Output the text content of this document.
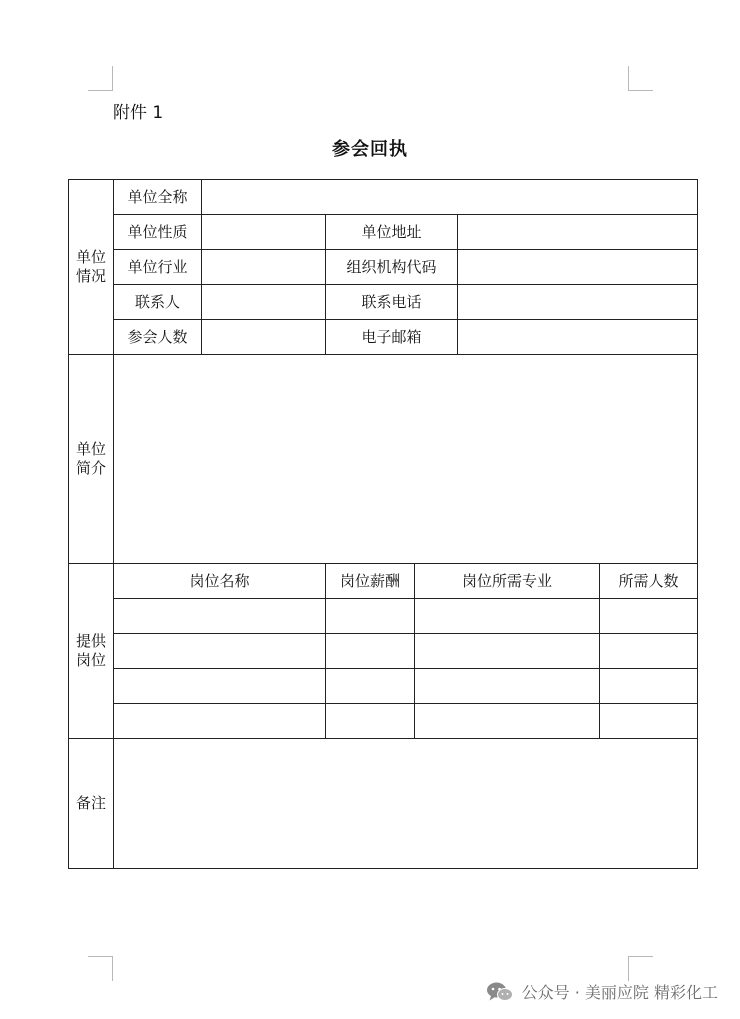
附件 1
参会回执
单位
情况	单位全称					
	单位性质		单位地址			
	单位行业		组织机构代码			
	联系人		联系电话			
	参会人数		电子邮箱			

单位
简介						

提供
岗位	岗位名称		岗位薪酬	岗位所需专业		所需人数

备注						
公众号 · 美丽应院 精彩化工
